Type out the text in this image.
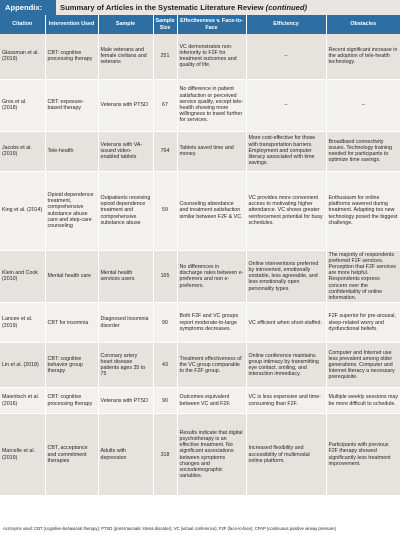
Appendix:	Summary of Articles in the Systematic Literature Review (continued)
Citation	Intervention Used	Sample	Sample Size	Effectiveness v. Face-to-Face	Efficiency	Obstacles
Glassman et al. (2019)	CBT: cognitive processing therapy	Male veterans and female civilians and veterans	251	VC demonstrates non-inferiority to F2F for treatment outcomes and quality of life.	–	Recent significant increase in the adoption of tele-health technology.
Gros et al. (2018)	CBT: exposure-based therapy	Veterans with PTSD	67	No difference in patient satisfaction or perceived service quality, except tele-health showing more willingness to travel further for services.	–	–
Jacobs et al. (2019)	Tele-health	Veterans with VA-issued video-enabled tablets	764	Tablets saved time and money.	More cost-effective for those with transportation barriers. Employment and computer literacy associated with time savings.	Broadband connectivity issues. Technology training needed for participants to optimize time savings.
King et al. (2014)	Opioid dependence treatment, comprehensive substance abuse care and step-care counseling	Outpatients receiving opioid dependence treatment and comprehensive substance abuse	59	Counseling attendance and treatment satisfaction similar between F2F & VC.	VC provides more convenient access to motivating higher attendance. VC shows greater reinforcement potential for busy schedules.	Enthusiasm for online platforms wavered during treatment. Adapting too new technology posed the biggest challenge.
Klein and Cook (2010)	Mental health care	Mental health services users	165	No differences in discharge rates between e-preferrers and non e-preferrers.	Online interventions preferred by introverted, emotionally unstable, less agreeable, and less emotionally open personality types.	The majority of respondents preferred F2F services. Perception that F2F services are more helpful. Respondents express concern over the confidentiality of online information.
Lancee et al. (2019)	CBT for insomnia	Diagnosed insomnia disorder	90	Both F2F and VC groups report moderate-to-large symptoms decreases.	VC efficient when short-staffed.	F2F superior for pre-arousal, sleep-related worry and dysfunctional beliefs.
Lin et al. (2018)	CBT: cognitive behavior group therapy	Coronary artery heart disease patients ages 35 to 75	43	Treatment effectiveness of the VC group comparable to the F2F group.	Online conference maintains group intimacy by transmitting eye contact, smiling, and interaction immediacy.	Computer and Internet use less prevalent among older generations. Computer and Internet literacy a necessary prerequisite.
Maieritsch et al. (2016)	CBT: cognitive processing therapy	Veterans with PTSD	90	Outcomes equivalent between VC and F2F.	VC is less expensive and time-consuming than F2F.	Multiple weekly sessions may be more difficult to schedule.
Marcelle et al. (2019)	CBT, acceptance and commitment therapies	Adults with depression	318	Results indicate that digital psychotherapy is an effective treatment. No significant associations between symptoms changes and sociodemographic variables.	Increased flexibility and accessibility of multimodal online platform.	Participants with previous F2F therapy showed significantly less treatment improvement.
Acronyms used: CBT (cognitive-behavioral therapy); PTSD (post-traumatic stress disorder); VC (virtual conference); F2F (face-to-face); CPAP (continuous positive airway pressure)
